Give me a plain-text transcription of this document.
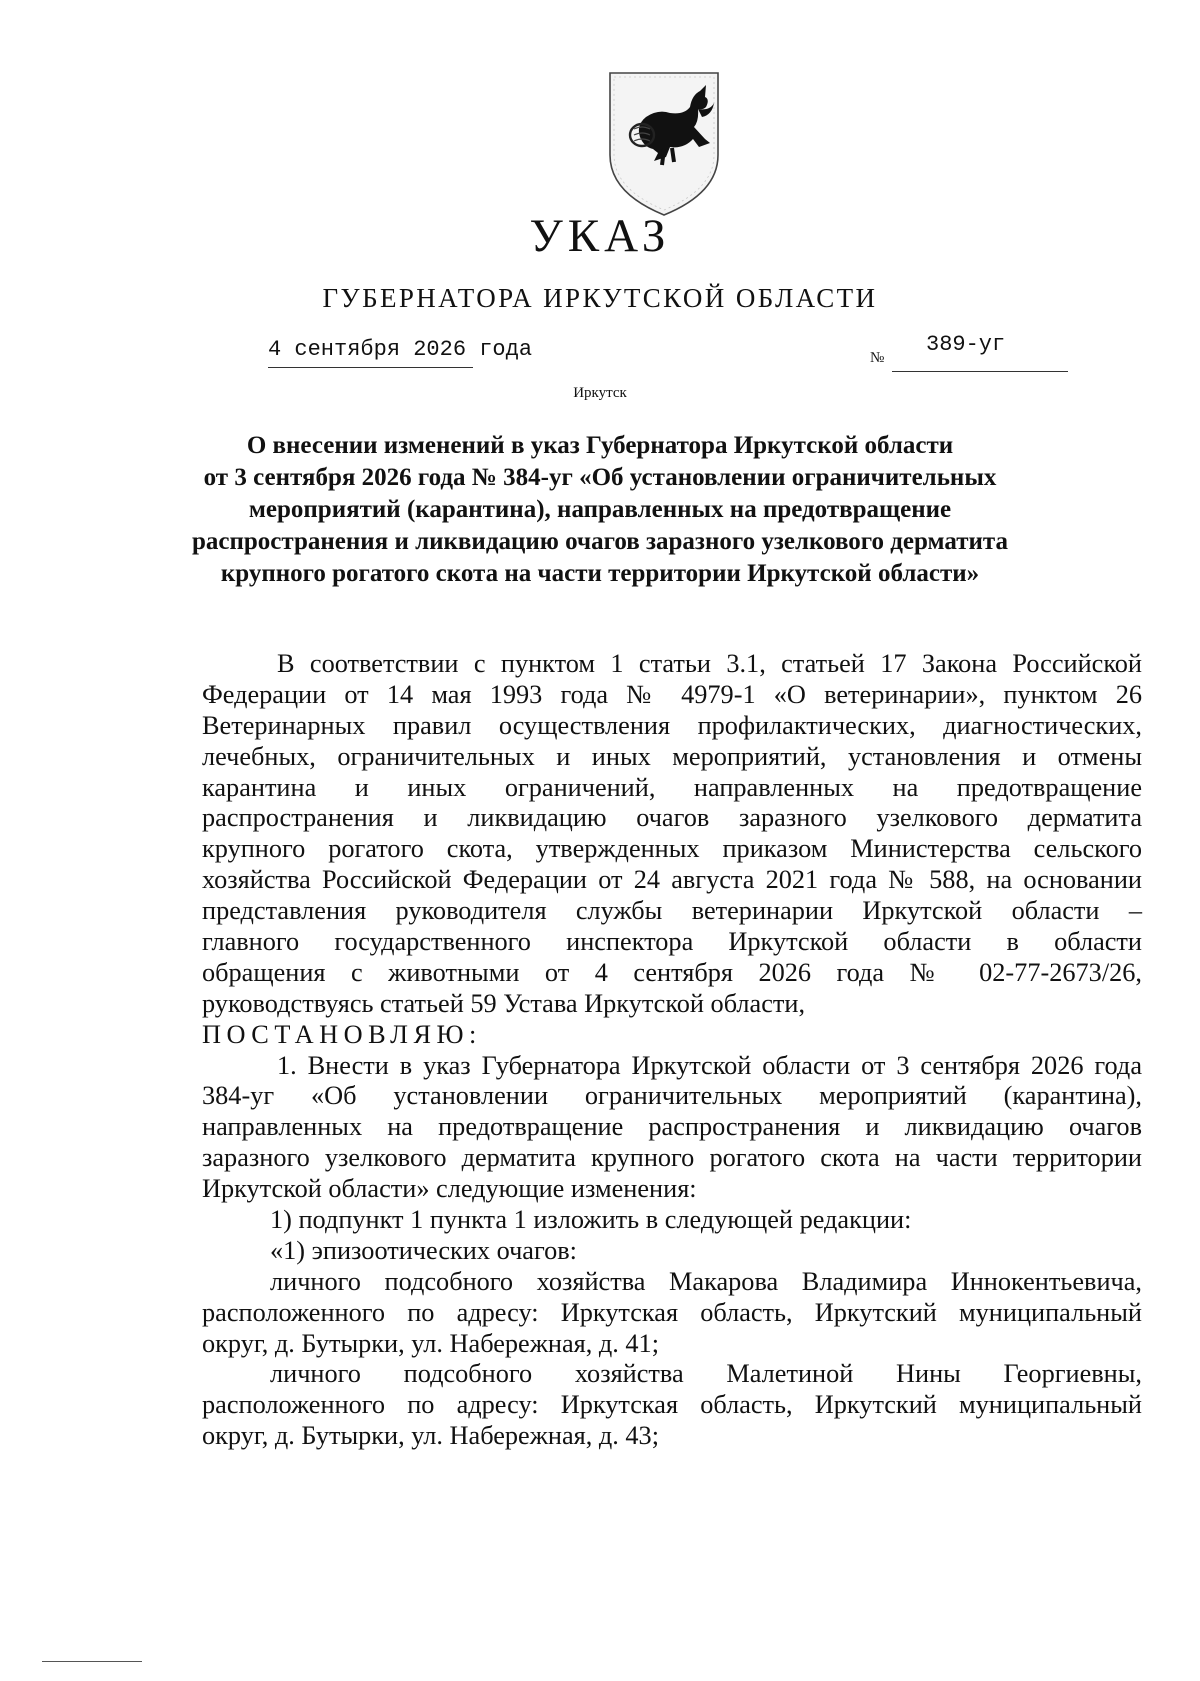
УКАЗ
ГУБЕРНАТОРА ИРКУТСКОЙ ОБЛАСТИ
4 сентября 2026 года	№
389-уг
Иркутск
О внесении изменений в указ Губернатора Иркутской области
от 3 сентября 2026 года № 384-уг «Об установлении ограничительных
мероприятий (карантина), направленных на предотвращение
распространения и ликвидацию очагов заразного узелкового дерматита
крупного рогатого скота на части территории Иркутской области»
В соответствии с пунктом 1 статьи 3.1, статьей 17 Закона Российской
Федерации от 14 мая 1993 года № 4979-1 «О ветеринарии», пунктом 26
Ветеринарных правил осуществления профилактических, диагностических,
лечебных, ограничительных и иных мероприятий, установления и отмены
карантина и иных ограничений, направленных на предотвращение
распространения и ликвидацию очагов заразного узелкового дерматита
крупного рогатого скота, утвержденных приказом Министерства сельского
хозяйства Российской Федерации от 24 августа 2021 года № 588, на основании
представления руководителя службы ветеринарии Иркутской области –
главного государственного инспектора Иркутской области в области
обращения с животными от 4 сентября 2026 года № 02-77-2673/26,
руководствуясь статьей 59 Устава Иркутской области,
ПОСТАНОВЛЯЮ:
1. Внести в указ Губернатора Иркутской области от 3 сентября 2026 года
384-уг «Об установлении ограничительных мероприятий (карантина),
направленных на предотвращение распространения и ликвидацию очагов
заразного узелкового дерматита крупного рогатого скота на части территории
Иркутской области» следующие изменения:
1) подпункт 1 пункта 1 изложить в следующей редакции:
«1) эпизоотических очагов:
личного подсобного хозяйства Макарова Владимира Иннокентьевича,
расположенного по адресу: Иркутская область, Иркутский муниципальный
округ, д. Бутырки, ул. Набережная, д. 41;
личного подсобного хозяйства Малетиной Нины Георгиевны,
расположенного по адресу: Иркутская область, Иркутский муниципальный
округ, д. Бутырки, ул. Набережная, д. 43;
